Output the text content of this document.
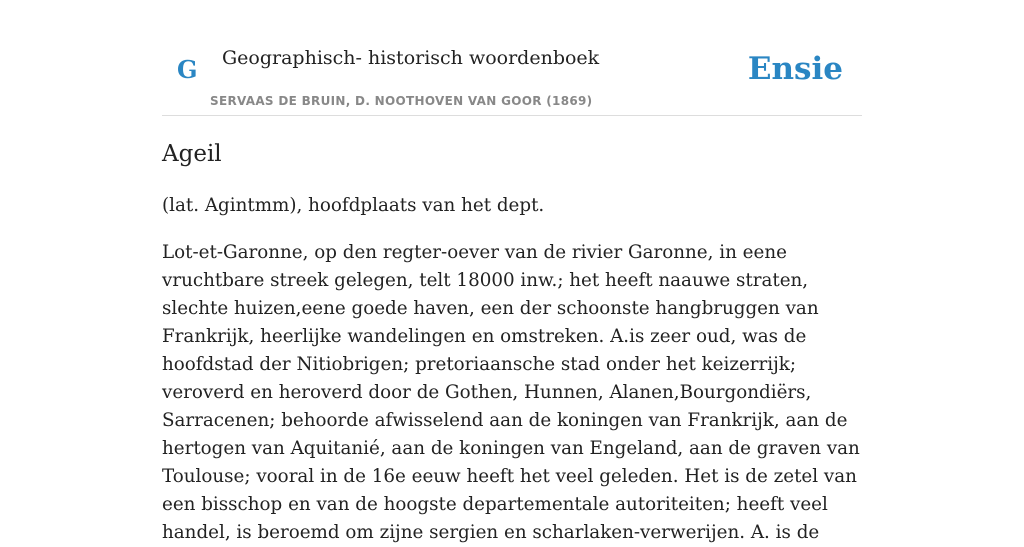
G Geographisch- historisch woordenboek
SERVAAS DE BRUIN, D. NOOTHOVEN VAN GOOR (1869)
Ensie
Ageil

(lat. Agintmm), hoofdplaats van het dept.

Lot-et-Garonne, op den regter-oever van de rivier Garonne, in eene vruchtbare streek gelegen, telt 18000 inw.; het heeft naauwe straten, slechte huizen,eene goede haven, een der schoonste hangbruggen van Frankrijk, heerlijke wandelingen en omstreken. A.is zeer oud, was de hoofdstad der Nitiobrigen; pretoriaansche stad onder het keizerrijk; veroverd en heroverd door de Gothen, Hunnen, Alanen,Bourgondiërs, Sarracenen; behoorde afwisselend aan de koningen van Frankrijk, aan de hertogen van Aquitanié, aan de koningen van Engeland, aan de graven van Toulouse; vooral in de 16e eeuw heeft het veel geleden. Het is de zetel van een bisschop en van de hoogste departementale autoriteiten; heeft veel handel, is beroemd om zijne sergien en scharlaken-verwerijen. A. is de
